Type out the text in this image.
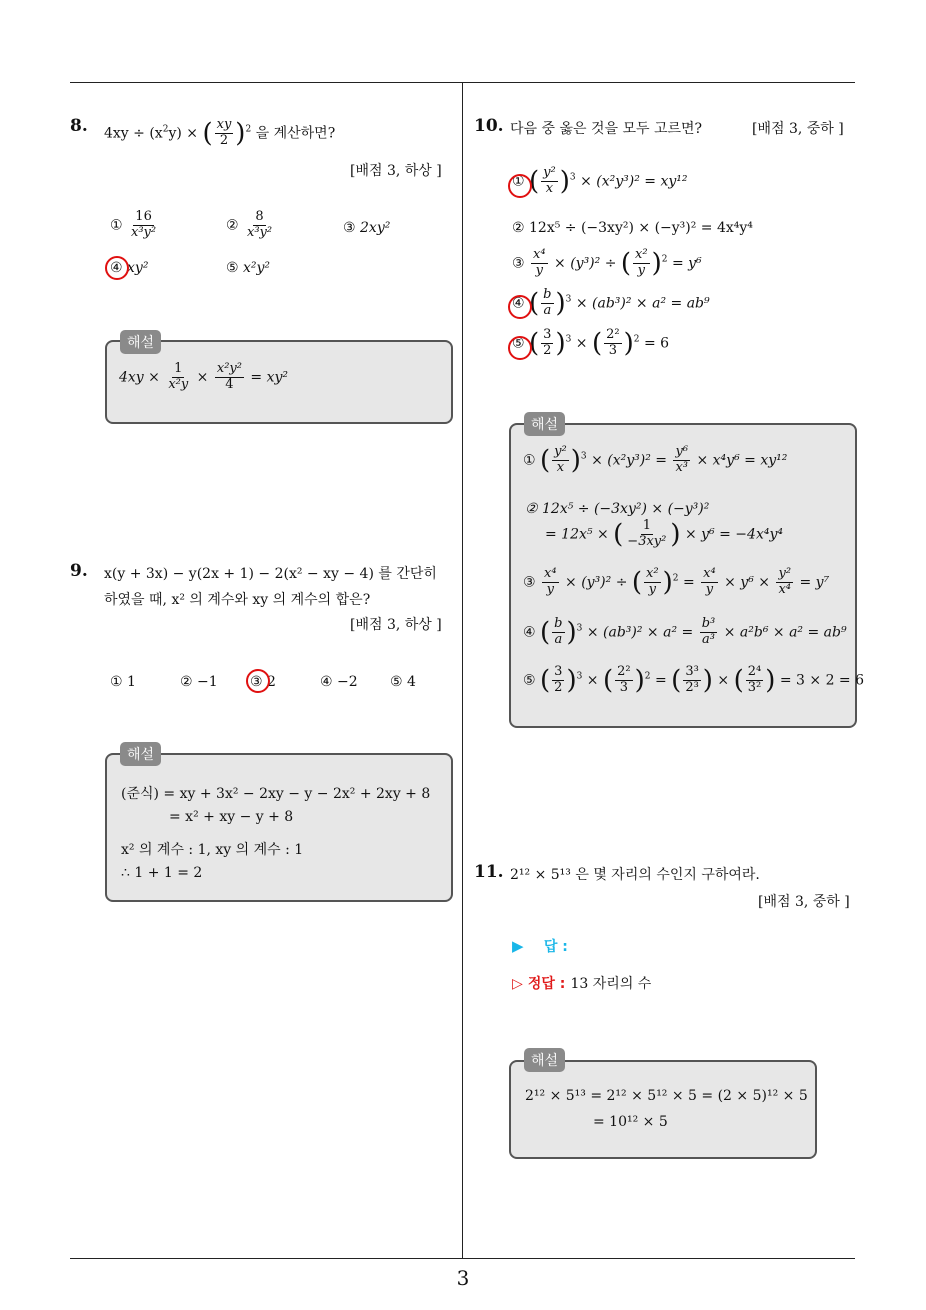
3
8. $4xy \div (x^2y)$ × ( $\frac{xy}{2} )^2$ 을 계산하면?
[배점 3, 하상 ]
① $\frac{16}{\text{x³y²}}$	② $\frac{8}{\text{x³y²}}$	③ 2xy²
④ xy²	⑤ x²y²
$4xy \times \frac{1}{\text{x²y}} \times \frac{\text{x²y²}}{4} = xy^2$
해설
9. x(y + 3x) − y(2x + 1) − 2(x² − xy − 4) 를 간단히
하였을 때, x² 의 계수와 xy 의 계수의 합은?
[배점 3, 하상 ]
① 1	② −1 ③ 2	④ −2 ⑤ 4
(준식) = xy + 3x² − 2xy − y − 2x² + 2xy + 8
= x² + xy − y + 8
x² 의 계수 : 1, xy 의 계수 : 1
∴ 1 + 1 = 2
해설
10. 다음 중 옳은 것을 모두 고르면?	[배점 3, 중하 ]
① ( $\frac{\text{y²}}{x} )^3 \times (x^2y^3)^2 = xy^{12}$
② 12x⁵ ÷ (−3xy²) × (−y³)² = 4x⁴y⁴
③ $\frac{\text{x⁴}}{y} \times (y^3)^2$ ÷ ( $\frac{\text{x²}}{y} )^2 = y^6$
④ ( $\frac{b}{a} )^3 \times (ab^3)^2 \times a^2 = ab^9$
⑤ ( $\frac{3}{2} )^3$ × ( $\frac{\text{2²}}{3} )^2 = 6$
① ( $\frac{\text{y²}}{x} )^3 \times (x^2y^3)^2 = \frac{\text{y⁶}}{\text{x³}} \times x^4y^6 = xy^{12}$
② 12x⁵ ÷ (−3xy²) × (−y³)²
= 12x⁵ × ( $\frac{1}{\text{−3xy²}}$ ) × y⁶ = −4x⁴y⁴
③ $\frac{\text{x⁴}}{y} \times (y^3)^2$ ÷ ( $\frac{\text{x²}}{y} )^2 = \frac{\text{x⁴}}{y} \times y^6 \times \frac{\text{y²}}{\text{x⁴}} = y^7$
④ ( $\frac{b}{a} )^3 \times (ab^3)^2 \times a^2 = \frac{\text{b³}}{\text{a³}} \times a^2b^6 \times a^2 = ab^9$
⑤ ( $\frac{3}{2} )^3$ × ( $\frac{\text{2²}}{3} )^2$ = ( $\frac{\text{3³}}{\text{2³}}$ ) × ( $\frac{\text{2⁴}}{\text{3²}}$ ) = 3 × 2 = 6
해설
11. 2¹² × 5¹³ 은 몇 자리의 수인지 구하여라.
[배점 3, 중하 ]
▶ 답 :
▷ 정답 : 13 자리의 수
2¹² × 5¹³ = 2¹² × 5¹² × 5 = (2 × 5)¹² × 5
= 10¹² × 5
해설
